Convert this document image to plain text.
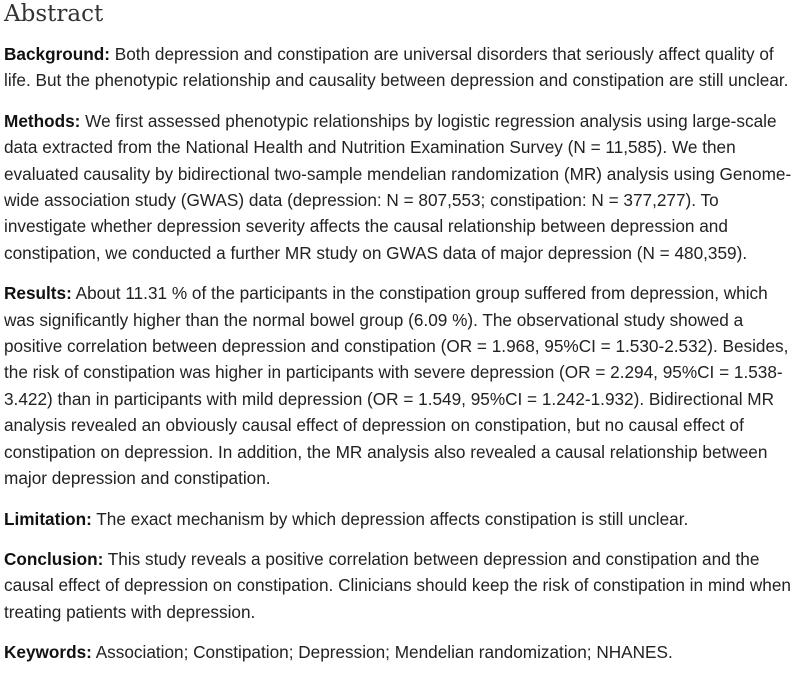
Abstract

Background: Both depression and constipation are universal disorders that seriously affect quality of life. But the phenotypic relationship and causality between depression and constipation are still unclear.

Methods: We first assessed phenotypic relationships by logistic regression analysis using large-scale data extracted from the National Health and Nutrition Examination Survey (N = 11,585). We then evaluated causality by bidirectional two-sample mendelian randomization (MR) analysis using Genome-wide association study (GWAS) data (depression: N = 807,553; constipation: N = 377,277). To investigate whether depression severity affects the causal relationship between depression and constipation, we conducted a further MR study on GWAS data of major depression (N = 480,359).

Results: About 11.31 % of the participants in the constipation group suffered from depression, which was significantly higher than the normal bowel group (6.09 %). The observational study showed a positive correlation between depression and constipation (OR = 1.968, 95%CI = 1.530-2.532). Besides, the risk of constipation was higher in participants with severe depression (OR = 2.294, 95%CI = 1.538-3.422) than in participants with mild depression (OR = 1.549, 95%CI = 1.242-1.932). Bidirectional MR analysis revealed an obviously causal effect of depression on constipation, but no causal effect of constipation on depression. In addition, the MR analysis also revealed a causal relationship between major depression and constipation.

Limitation: The exact mechanism by which depression affects constipation is still unclear.

Conclusion: This study reveals a positive correlation between depression and constipation and the causal effect of depression on constipation. Clinicians should keep the risk of constipation in mind when treating patients with depression.

Keywords: Association; Constipation; Depression; Mendelian randomization; NHANES.
